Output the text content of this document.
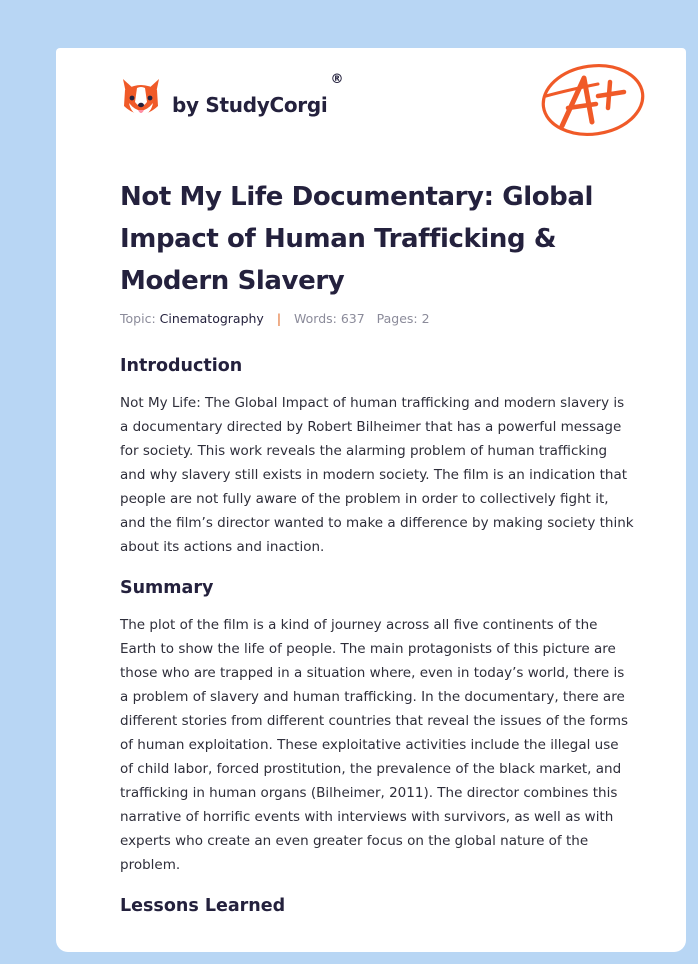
by StudyCorgi
®
Not My Life Documentary: Global Impact of Human Trafficking & Modern Slavery
Topic: Cinematography | Words: 637 Pages: 2
Introduction

Not My Life: The Global Impact of human trafficking and modern slavery is a documentary directed by Robert Bilheimer that has a powerful message for society. This work reveals the alarming problem of human trafficking and why slavery still exists in modern society. The film is an indication that people are not fully aware of the problem in order to collectively fight it, and the film’s director wanted to make a difference by making society think about its actions and inaction.

Summary

The plot of the film is a kind of journey across all five continents of the Earth to show the life of people. The main protagonists of this picture are those who are trapped in a situation where, even in today’s world, there is a problem of slavery and human trafficking. In the documentary, there are different stories from different countries that reveal the issues of the forms of human exploitation. These exploitative activities include the illegal use of child labor, forced prostitution, the prevalence of the black market, and trafficking in human organs (Bilheimer, 2011). The director combines this narrative of horrific events with interviews with survivors, as well as with experts who create an even greater focus on the global nature of the problem.

Lessons Learned
